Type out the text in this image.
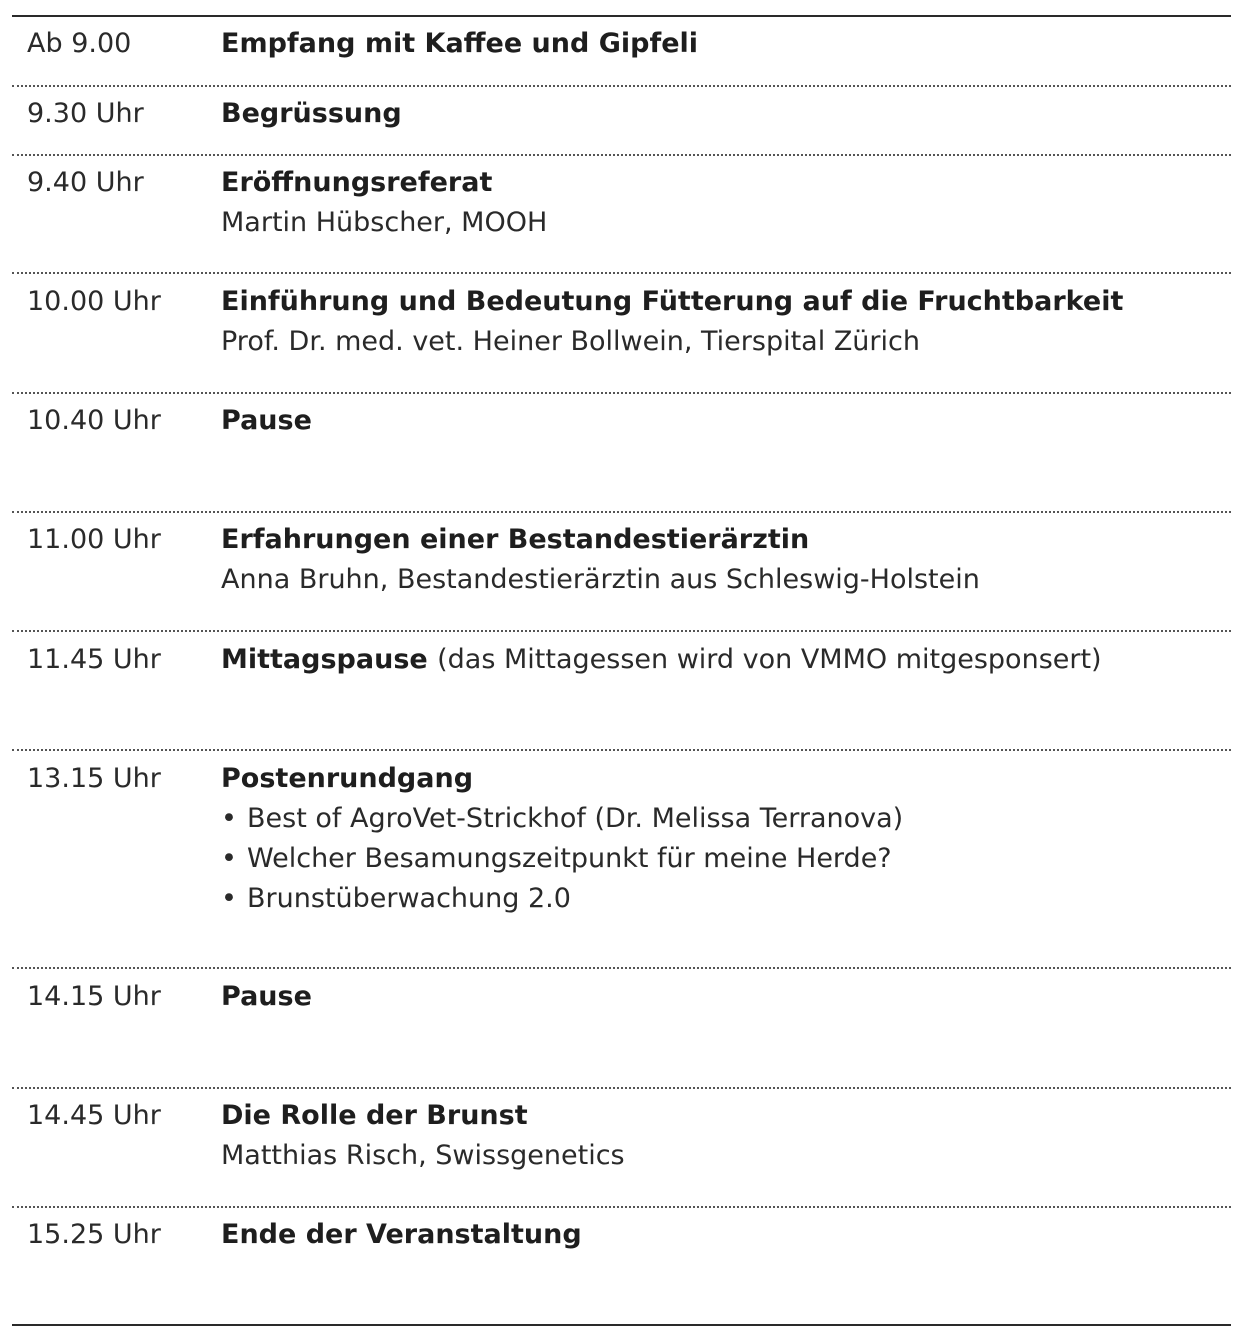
Ab 9.00	Empfang mit Kaffee und Gipfeli
9.30 Uhr	Begrüssung
9.40 Uhr	Eröffnungsreferat
Martin Hübscher, MOOH
10.00 Uhr Einführung und Bedeutung Fütterung auf die Fruchtbarkeit
Prof. Dr. med. vet. Heiner Bollwein, Tierspital Zürich
10.40 Uhr Pause
11.00 Uhr Erfahrungen einer Bestandestierärztin
Anna Bruhn, Bestandestierärztin aus Schleswig-Holstein
11.45 Uhr Mittagspause (das Mittagessen wird von VMMO mitgesponsert)
13.15 Uhr Postenrundgang
• Best of AgroVet-Strickhof (Dr. Melissa Terranova)
• Welcher Besamungszeitpunkt für meine Herde?
• Brunstüberwachung 2.0
14.15 Uhr Pause
14.45 Uhr Die Rolle der Brunst
Matthias Risch, Swissgenetics
15.25 Uhr Ende der Veranstaltung
